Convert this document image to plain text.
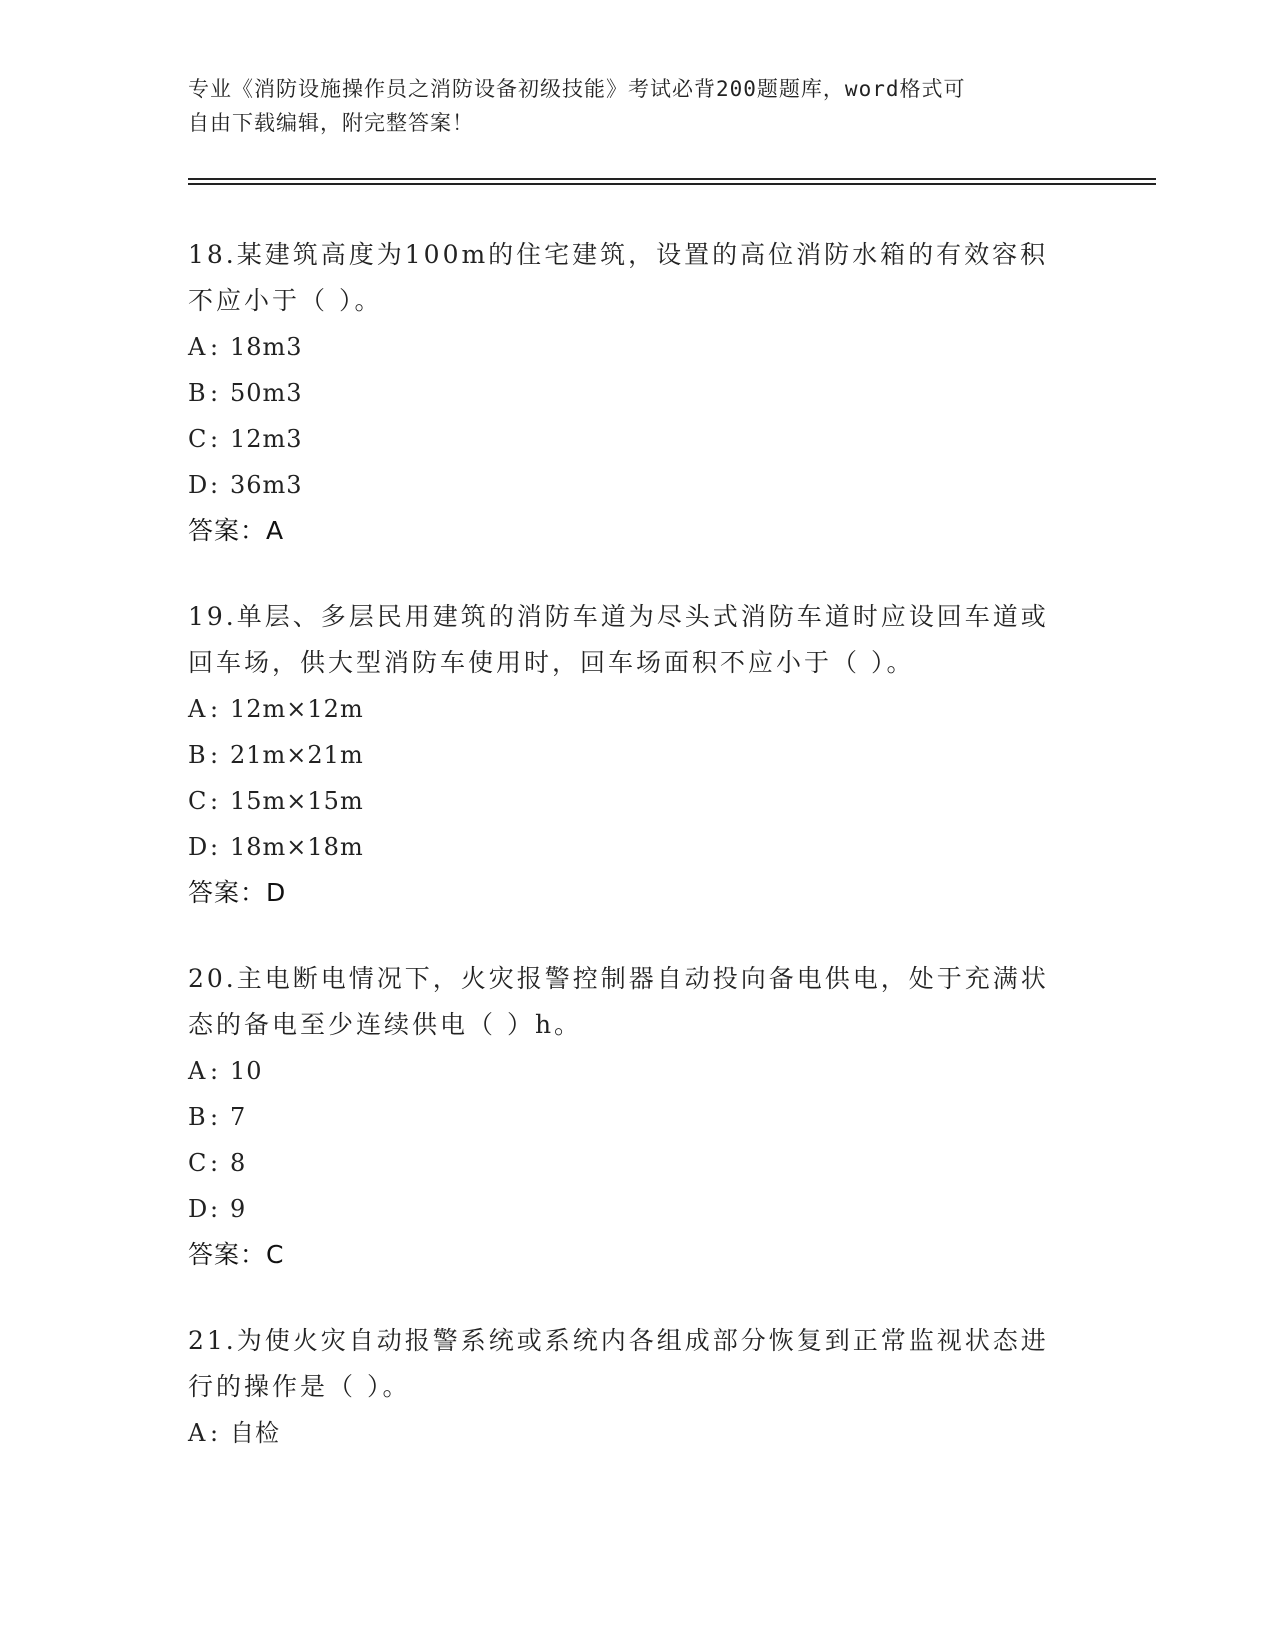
专业《消防设施操作员之消防设备初级技能》考试必背200题题库，word格式可
自由下载编辑，附完整答案！
18.某建筑高度为100m的住宅建筑，设置的高位消防水箱的有效容积
不应小于（ ）。
A : 18m3
B : 50m3
C : 12m3
D: 36m3
答案：A
19.单层、多层民用建筑的消防车道为尽头式消防车道时应设回车道或
回车场，供大型消防车使用时，回车场面积不应小于（ ）。
A : 12m×12m
B : 21m×21m
C : 15m×15m
D: 18m×18m
答案：D
20.主电断电情况下，火灾报警控制器自动投向备电供电，处于充满状
态的备电至少连续供电（ ）h。
A : 10
B : 7
C : 8
D: 9
答案：C
21.为使火灾自动报警系统或系统内各组成部分恢复到正常监视状态进
行的操作是（ ）。
A : 自检
